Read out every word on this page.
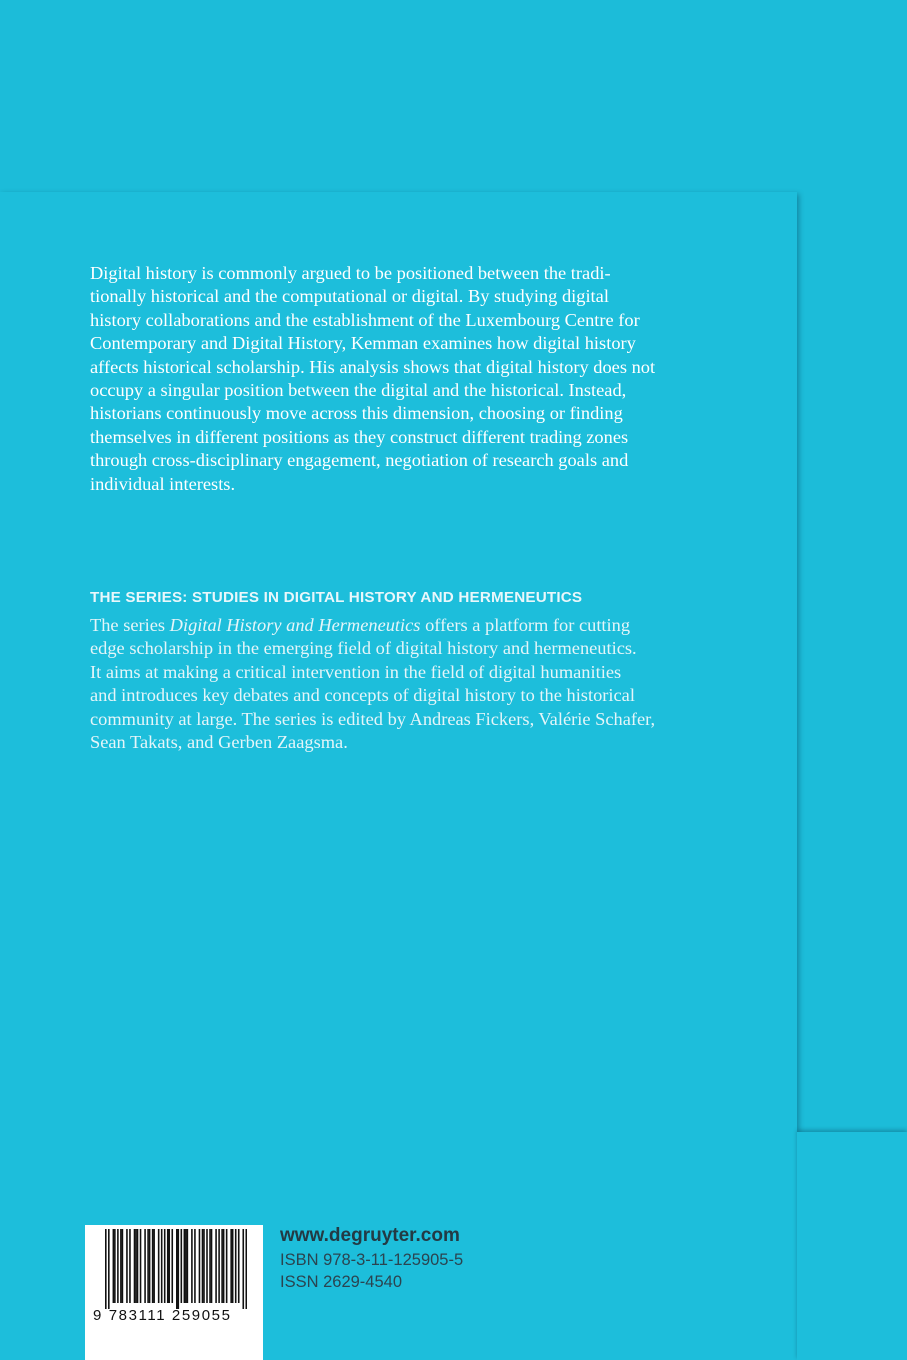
Digital history is commonly argued to be positioned between the tradi-
tionally historical and the computational or digital. By studying digital
history collaborations and the establishment of the Luxembourg Centre for
Contemporary and Digital History, Kemman examines how digital history
affects historical scholarship. His analysis shows that digital history does not
occupy a singular position between the digital and the historical. Instead,
historians continuously move across this dimension, choosing or finding
themselves in different positions as they construct different trading zones
through cross-disciplinary engagement, negotiation of research goals and
individual interests.

THE SERIES: STUDIES IN DIGITAL HISTORY AND HERMENEUTICS

The series Digital History and Hermeneutics offers a platform for cutting
edge scholarship in the emerging field of digital history and hermeneutics.
It aims at making a critical intervention in the field of digital humanities
and introduces key debates and concepts of digital history to the historical
community at large. The series is edited by Andreas Fickers, Valérie Schafer,
Sean Takats, and Gerben Zaagsma.

9 783111 259055

www.degruyter.com

ISBN 978-3-11-125905-5

ISSN 2629-4540
